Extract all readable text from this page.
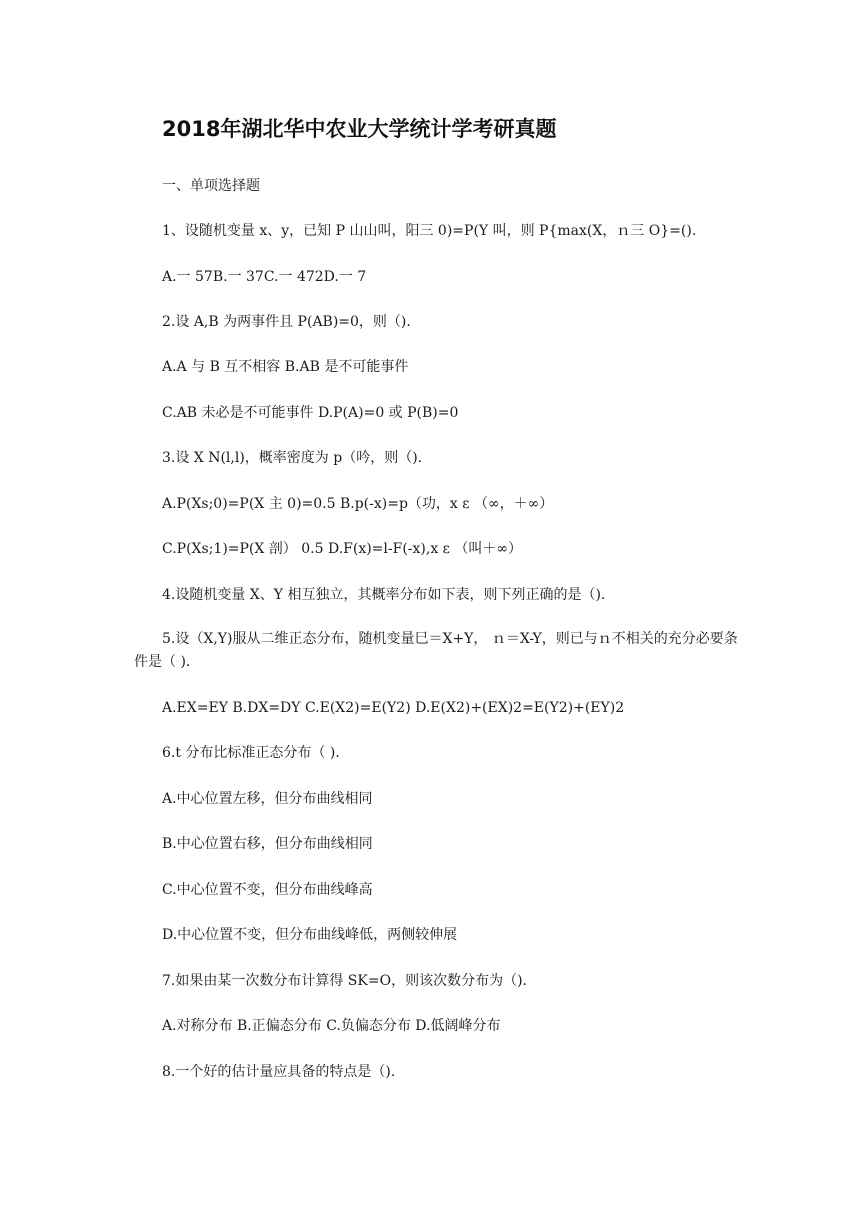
2018年湖北华中农业大学统计学考研真题
一、单项选择题
1、设随机变量 x、y，已知 P 山山叫，阳三 0)=P(Y 叫，则 P{max(X，ｎ三 O}=().
A.一 57B.一 37C.一 472D.一 7
2.设 A,B 为两事件且 P(AB)=0，则（).
A.A 与 B 互不相容 B.AB 是不可能事件
C.AB 未必是不可能事件 D.P(A)=0 或 P(B)=0
3.设 X N(l,l)，概率密度为 p（吟，则（).
A.P(Xs;0)=P(X 主 0)=0.5 B.p(-x)=p（功，x ε （∞，＋∞）
C.P(Xs;1)=P(X 剖） 0.5 D.F(x)=l-F(-x),x ε （叫＋∞）
4.设随机变量 X、Y 相互独立，其概率分布如下表，则下列正确的是（).
5.设（X,Y)服从二维正态分布，随机变量巳＝X+Y， ｎ＝X-Y，则已与ｎ不相关的充分必要条件是（ ).
A.EX=EY B.DX=DY C.E(X2)=E(Y2) D.E(X2)+(EX)2=E(Y2)+(EY)2
6.t 分布比标准正态分布（ ).
A.中心位置左移，但分布曲线相同
B.中心位置右移，但分布曲线相同
C.中心位置不变，但分布曲线峰高
D.中心位置不变，但分布曲线峰低，两侧较伸展
7.如果由某一次数分布计算得 SK=O，则该次数分布为（).
A.对称分布 B.正偏态分布 C.负偏态分布 D.低阔峰分布
8.一个好的估计量应具备的特点是（).
